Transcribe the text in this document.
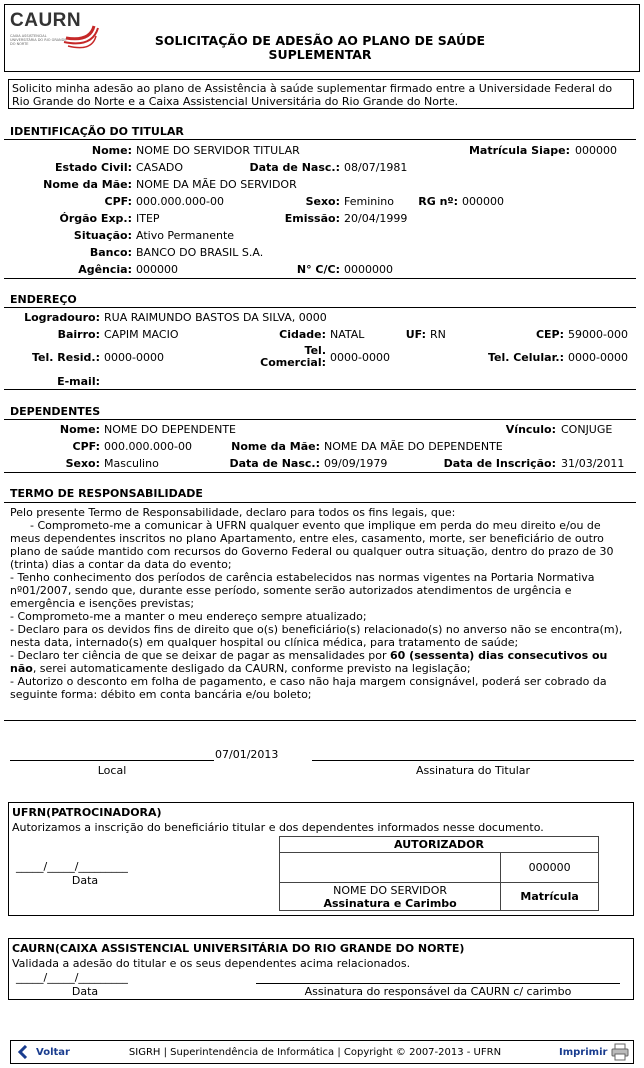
CAURN
CAIXA ASSISTENCIAL UNIVERSITÁRIA DO RIO GRANDE DO NORTE	SOLICITAÇÃO DE ADESÃO AO PLANO DE SAÚDE
SUPLEMENTAR
Solicito minha adesão ao plano de Assistência à saúde suplementar firmado entre a Universidade Federal do Rio Grande do Norte e a Caixa Assistencial Universitária do Rio Grande do Norte.
IDENTIFICAÇÃO DO TITULAR
Nome: NOME DO SERVIDOR TITULAR	Matrícula Siape: 000000
Estado Civil: CASADO	Data de Nasc.: 08/07/1981
Nome da Mãe: NOME DA MÃE DO SERVIDOR
CPF: 000.000.000-00	Sexo: Feminino	RG nº: 000000
Órgão Exp.: ITEP	Emissão: 20/04/1999
Situação: Ativo Permanente
Banco: BANCO DO BRASIL S.A.
Agência: 000000	N° C/C: 0000000
ENDEREÇO
Logradouro: RUA RAIMUNDO BASTOS DA SILVA, 0000
Bairro: CAPIM MACIO	Cidade: NATAL	UF: RN	CEP: 59000-000
Tel. Resid.: 0000-0000
Tel.
Comercial: 0000-0000	Tel. Celular.: 0000-0000
E-mail:
DEPENDENTES
Nome: NOME DO DEPENDENTE	Vínculo: CONJUGE
CPF: 000.000.000-00	Nome da Mãe: NOME DA MÃE DO DEPENDENTE
Sexo: Masculino	Data de Nasc.: 09/09/1979	Data de Inscrição: 31/03/2011
TERMO DE RESPONSABILIDADE

Pelo presente Termo de Responsabilidade, declaro para todos os fins legais, que:

- Comprometo-me a comunicar à UFRN qualquer evento que implique em perda do meu direito e/ou de meus dependentes inscritos no plano Apartamento, entre eles, casamento, morte, ser beneficiário de outro plano de saúde mantido com recursos do Governo Federal ou qualquer outra situação, dentro do prazo de 30 (trinta) dias a contar da data do evento;
- Tenho conhecimento dos períodos de carência estabelecidos nas normas vigentes na Portaria Normativa nº01/2007, sendo que, durante esse período, somente serão autorizados atendimentos de urgência e emergência e isenções previstas;
- Comprometo-me a manter o meu endereço sempre atualizado;
- Declaro para os devidos fins de direito que o(s) beneficiário(s) relacionado(s) no anverso não se encontra(m), nesta data, internado(s) em qualquer hospital ou clínica médica, para tratamento de saúde;
- Declaro ter ciência de que se deixar de pagar as mensalidades por 60 (sessenta) dias consecutivos ou não, serei automaticamente desligado da CAURN, conforme previsto na legislação;
- Autorizo o desconto em folha de pagamento, e caso não haja margem consignável, poderá ser cobrado da seguinte forma: débito em conta bancária e/ou boleto;

07/01/2013
Local	Assinatura do Titular
UFRN(PATROCINADORA)
Autorizamos a inscrição do beneficiário titular e dos dependentes informados nesse documento.
_____/_____/_________
Data
AUTORIZADOR	
	000000

NOME DO SERVIDOR
Assinatura e Carimbo	Matrícula
CAURN(CAIXA ASSISTENCIAL UNIVERSITÁRIA DO RIO GRANDE DO NORTE)
Validada a adesão do titular e os seus dependentes acima relacionados.
_____/_____/_________
Data	Assinatura do responsável da CAURN c/ carimbo
Voltar	SIGRH | Superintendência de Informática | Copyright © 2007-2013 - UFRN	Imprimir
